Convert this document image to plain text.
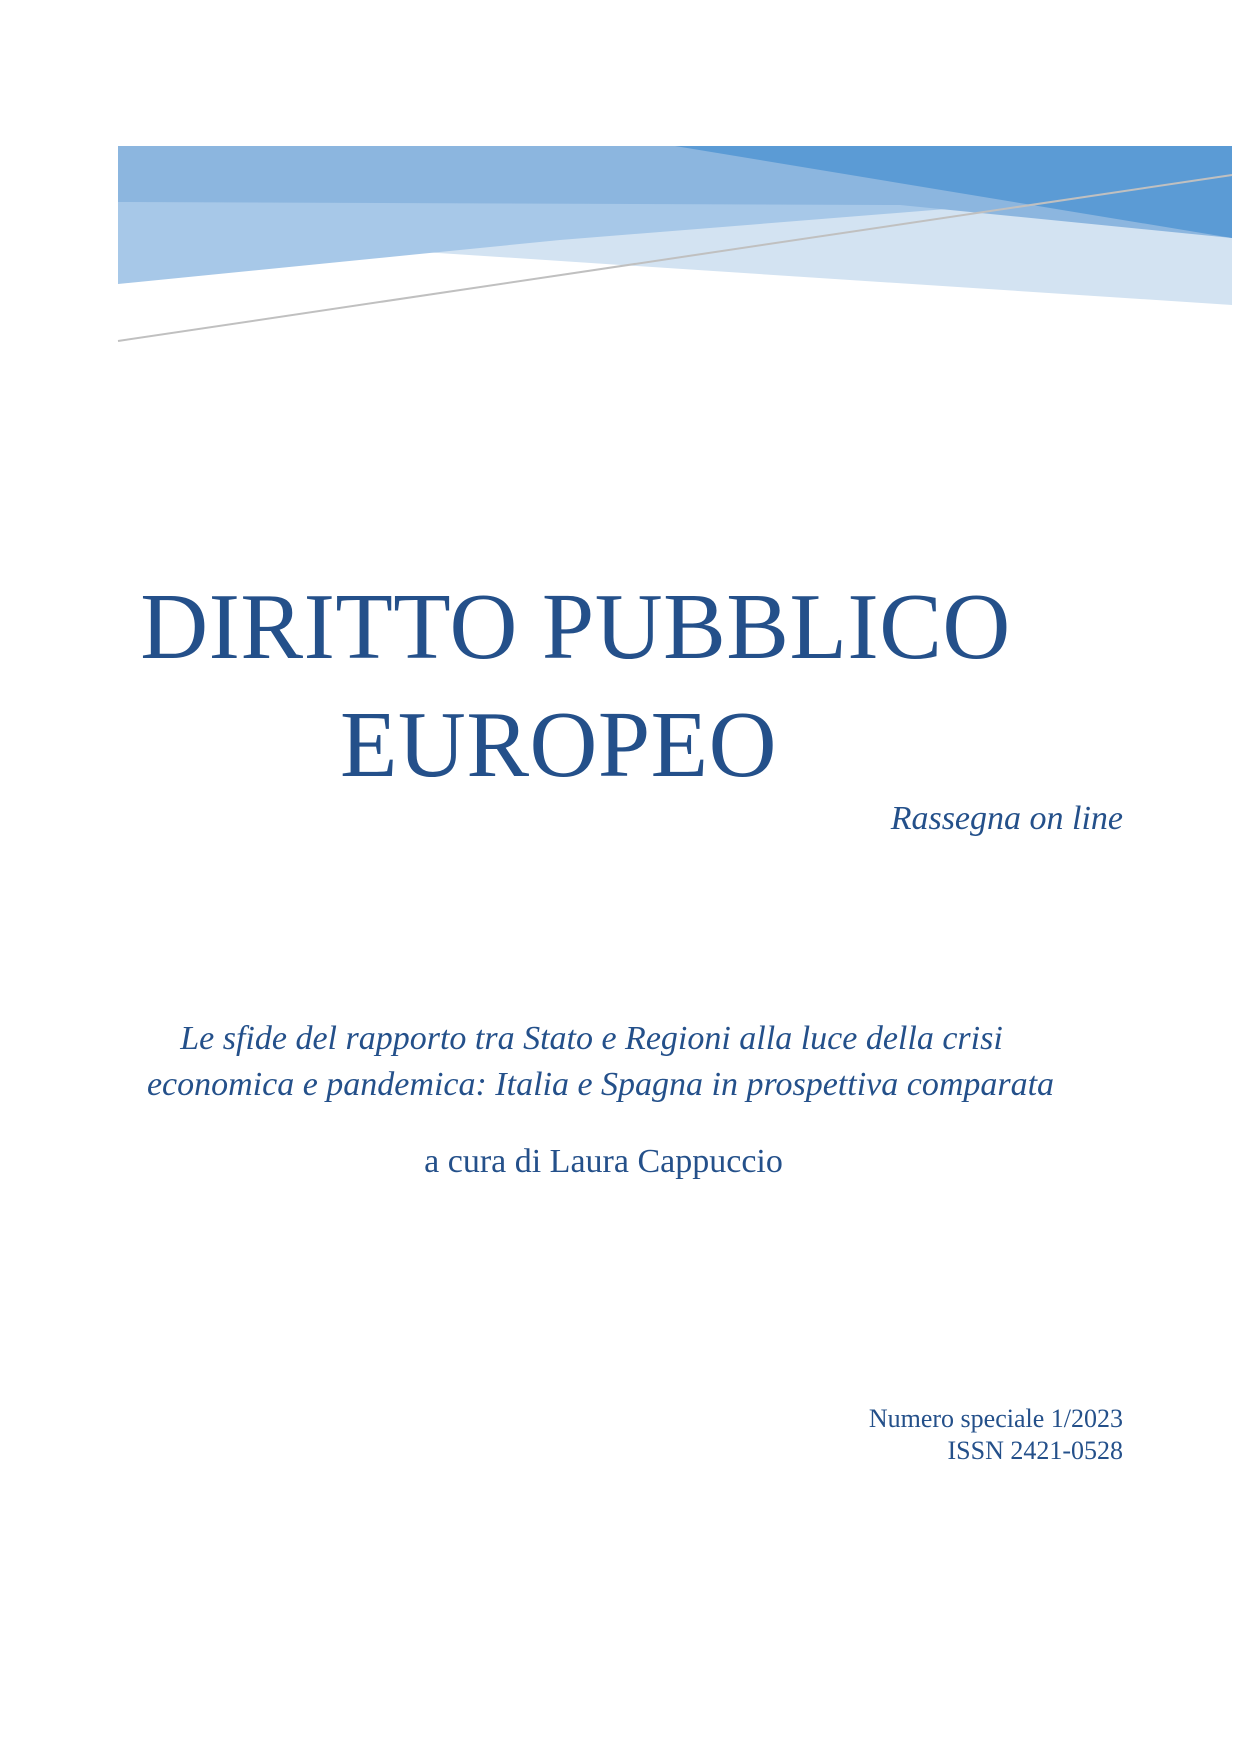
DIRITTO PUBBLICO
EUROPEO

Rassegna on line

Le sfide del rapporto tra Stato e Regioni alla luce della crisi

economica e pandemica: Italia e Spagna in prospettiva comparata

a cura di Laura Cappuccio

Numero speciale 1/2023
ISSN 2421-0528
